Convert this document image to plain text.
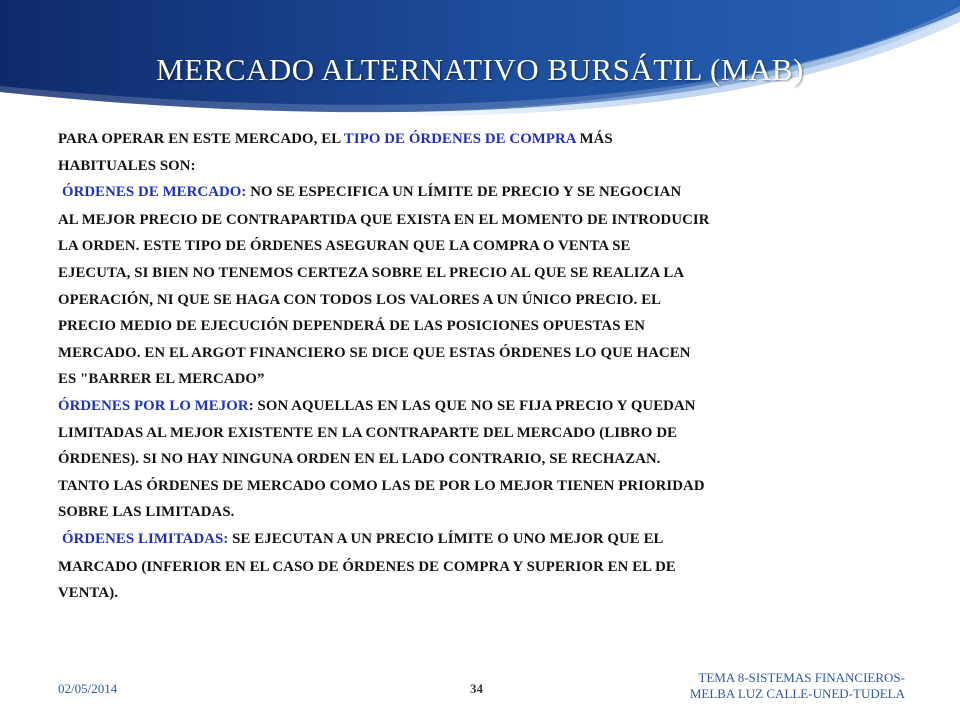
MERCADO ALTERNATIVO BURSÁTIL (MAB)
PARA OPERAR EN ESTE MERCADO, EL TIPO DE ÓRDENES DE COMPRA MÁS
HABITUALES SON:
ÓRDENES DE MERCADO: NO SE ESPECIFICA UN LÍMITE DE PRECIO Y SE NEGOCIAN
AL MEJOR PRECIO DE CONTRAPARTIDA QUE EXISTA EN EL MOMENTO DE INTRODUCIR
LA ORDEN. ESTE TIPO DE ÓRDENES ASEGURAN QUE LA COMPRA O VENTA SE
EJECUTA, SI BIEN NO TENEMOS CERTEZA SOBRE EL PRECIO AL QUE SE REALIZA LA
OPERACIÓN, NI QUE SE HAGA CON TODOS LOS VALORES A UN ÚNICO PRECIO. EL
PRECIO MEDIO DE EJECUCIÓN DEPENDERÁ DE LAS POSICIONES OPUESTAS EN
MERCADO. EN EL ARGOT FINANCIERO SE DICE QUE ESTAS ÓRDENES LO QUE HACEN
ES "BARRER EL MERCADO”
ÓRDENES POR LO MEJOR: SON AQUELLAS EN LAS QUE NO SE FIJA PRECIO Y QUEDAN
LIMITADAS AL MEJOR EXISTENTE EN LA CONTRAPARTE DEL MERCADO (LIBRO DE
ÓRDENES). SI NO HAY NINGUNA ORDEN EN EL LADO CONTRARIO, SE RECHAZAN.
TANTO LAS ÓRDENES DE MERCADO COMO LAS DE POR LO MEJOR TIENEN PRIORIDAD
SOBRE LAS LIMITADAS.
ÓRDENES LIMITADAS: SE EJECUTAN A UN PRECIO LÍMITE O UNO MEJOR QUE EL
MARCADO (INFERIOR EN EL CASO DE ÓRDENES DE COMPRA Y SUPERIOR EN EL DE
VENTA).
02/05/2014	34
TEMA 8-SISTEMAS FINANCIEROS-
MELBA LUZ CALLE-UNED-TUDELA
